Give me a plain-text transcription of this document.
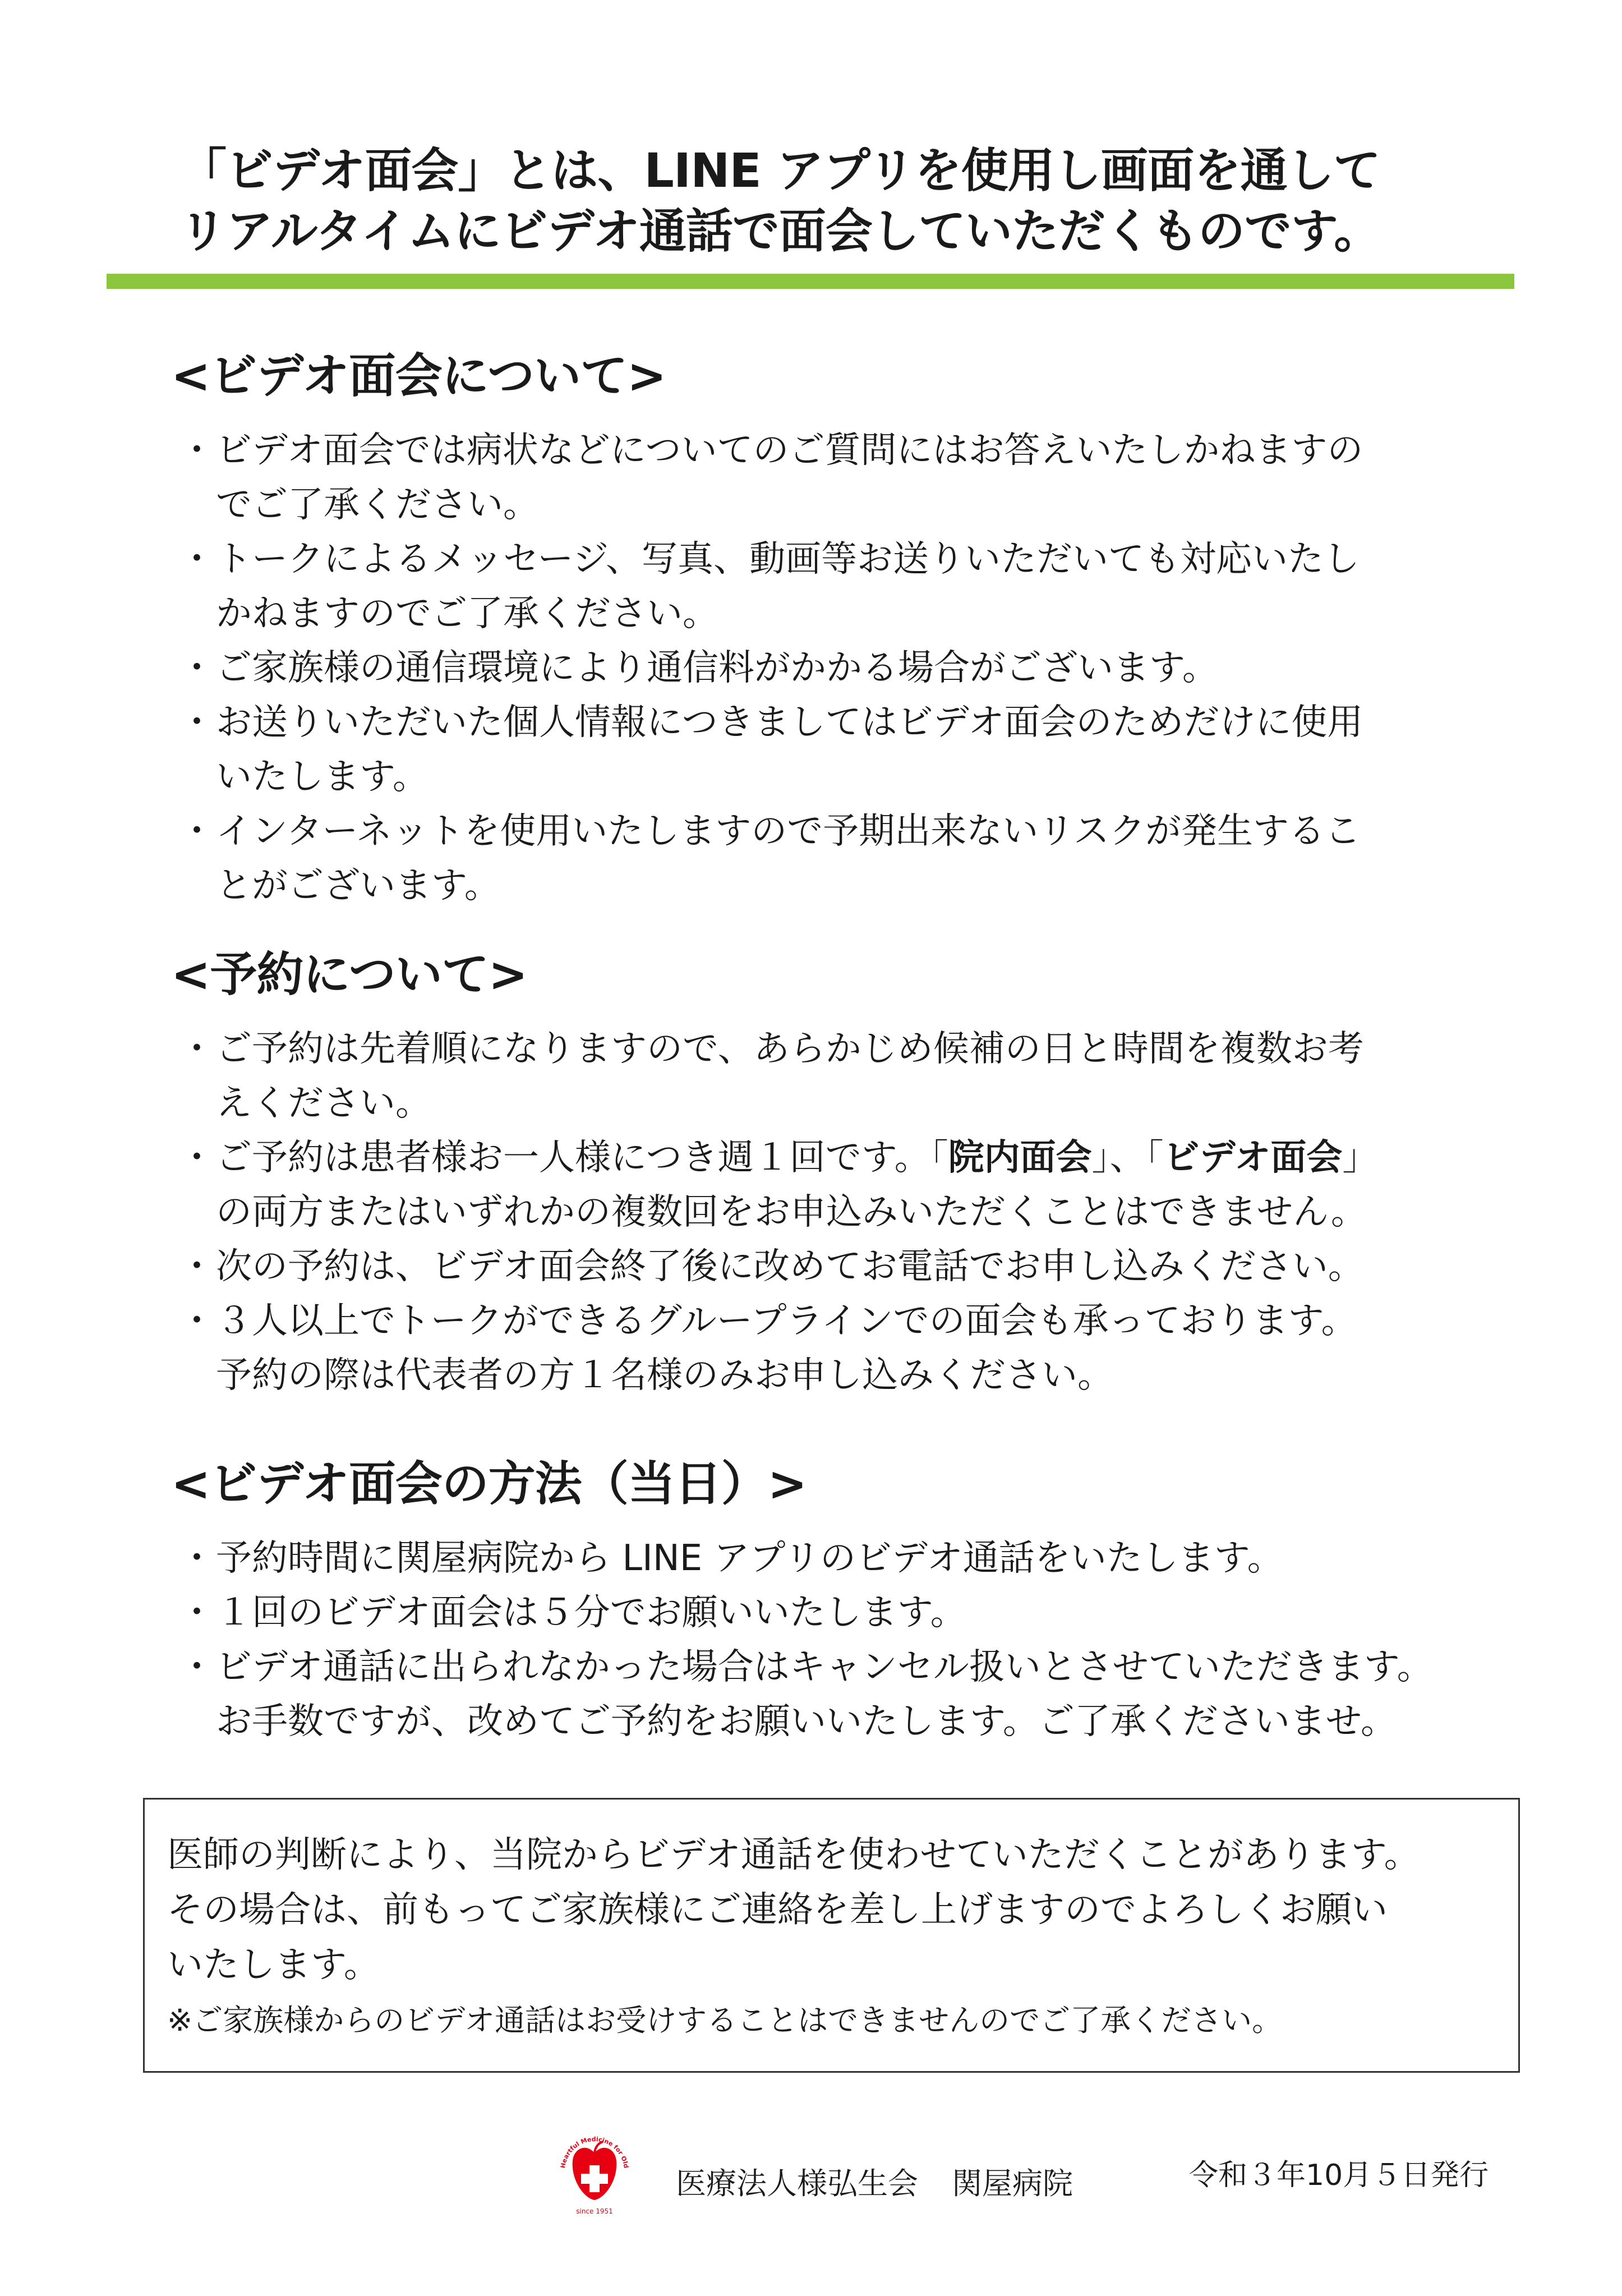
「ビデオ面会」とは、LINE アプリを使用し画面を通して
リアルタイムにビデオ通話で面会していただくものです。
<ビデオ面会について>
・ ビデオ面会では病状などについてのご質問にはお答えいたしかねますの
でご了承ください。
・ トークによるメッセージ、写真、動画等お送りいただいても対応いたし
かねますのでご了承ください。
・ ご家族様の通信環境により通信料がかかる場合がございます。
・ お送りいただいた個人情報につきましてはビデオ面会のためだけに使用
いたします。
・ インターネットを使用いたしますので予期出来ないリスクが発生するこ
とがございます。
<予約について>
・ ご予約は先着順になりますので、あらかじめ候補の日と時間を複数お考
えください。
・ ご予約は患者様お一人様につき週１回です。「院内面会」、「ビデオ面会」
の両方またはいずれかの複数回をお申込みいただくことはできません。
・ 次の予約は、ビデオ面会終了後に改めてお電話でお申し込みください。
・ ３人以上でトークができるグループラインでの面会も承っております。
予約の際は代表者の方１名様のみお申し込みください。
<ビデオ面会の方法（当日）>
・ 予約時間に関屋病院から LINE アプリのビデオ通話をいたします。
・ １回のビデオ面会は５分でお願いいたします。
・ ビデオ通話に出られなかった場合はキャンセル扱いとさせていただきます。
お手数ですが、改めてご予約をお願いいたします。ご了承くださいませ。
医師の判断により、当院からビデオ通話を使わせていただくことがあります。
その場合は、前もってご家族様にご連絡を差し上げますのでよろしくお願い
いたします。
※ご家族様からのビデオ通話はお受けすることはできませんのでご了承ください。
Heartful Medicine for Old
since 1951
医療法人様弘生会 関屋病院	令和３年10月５日発行
